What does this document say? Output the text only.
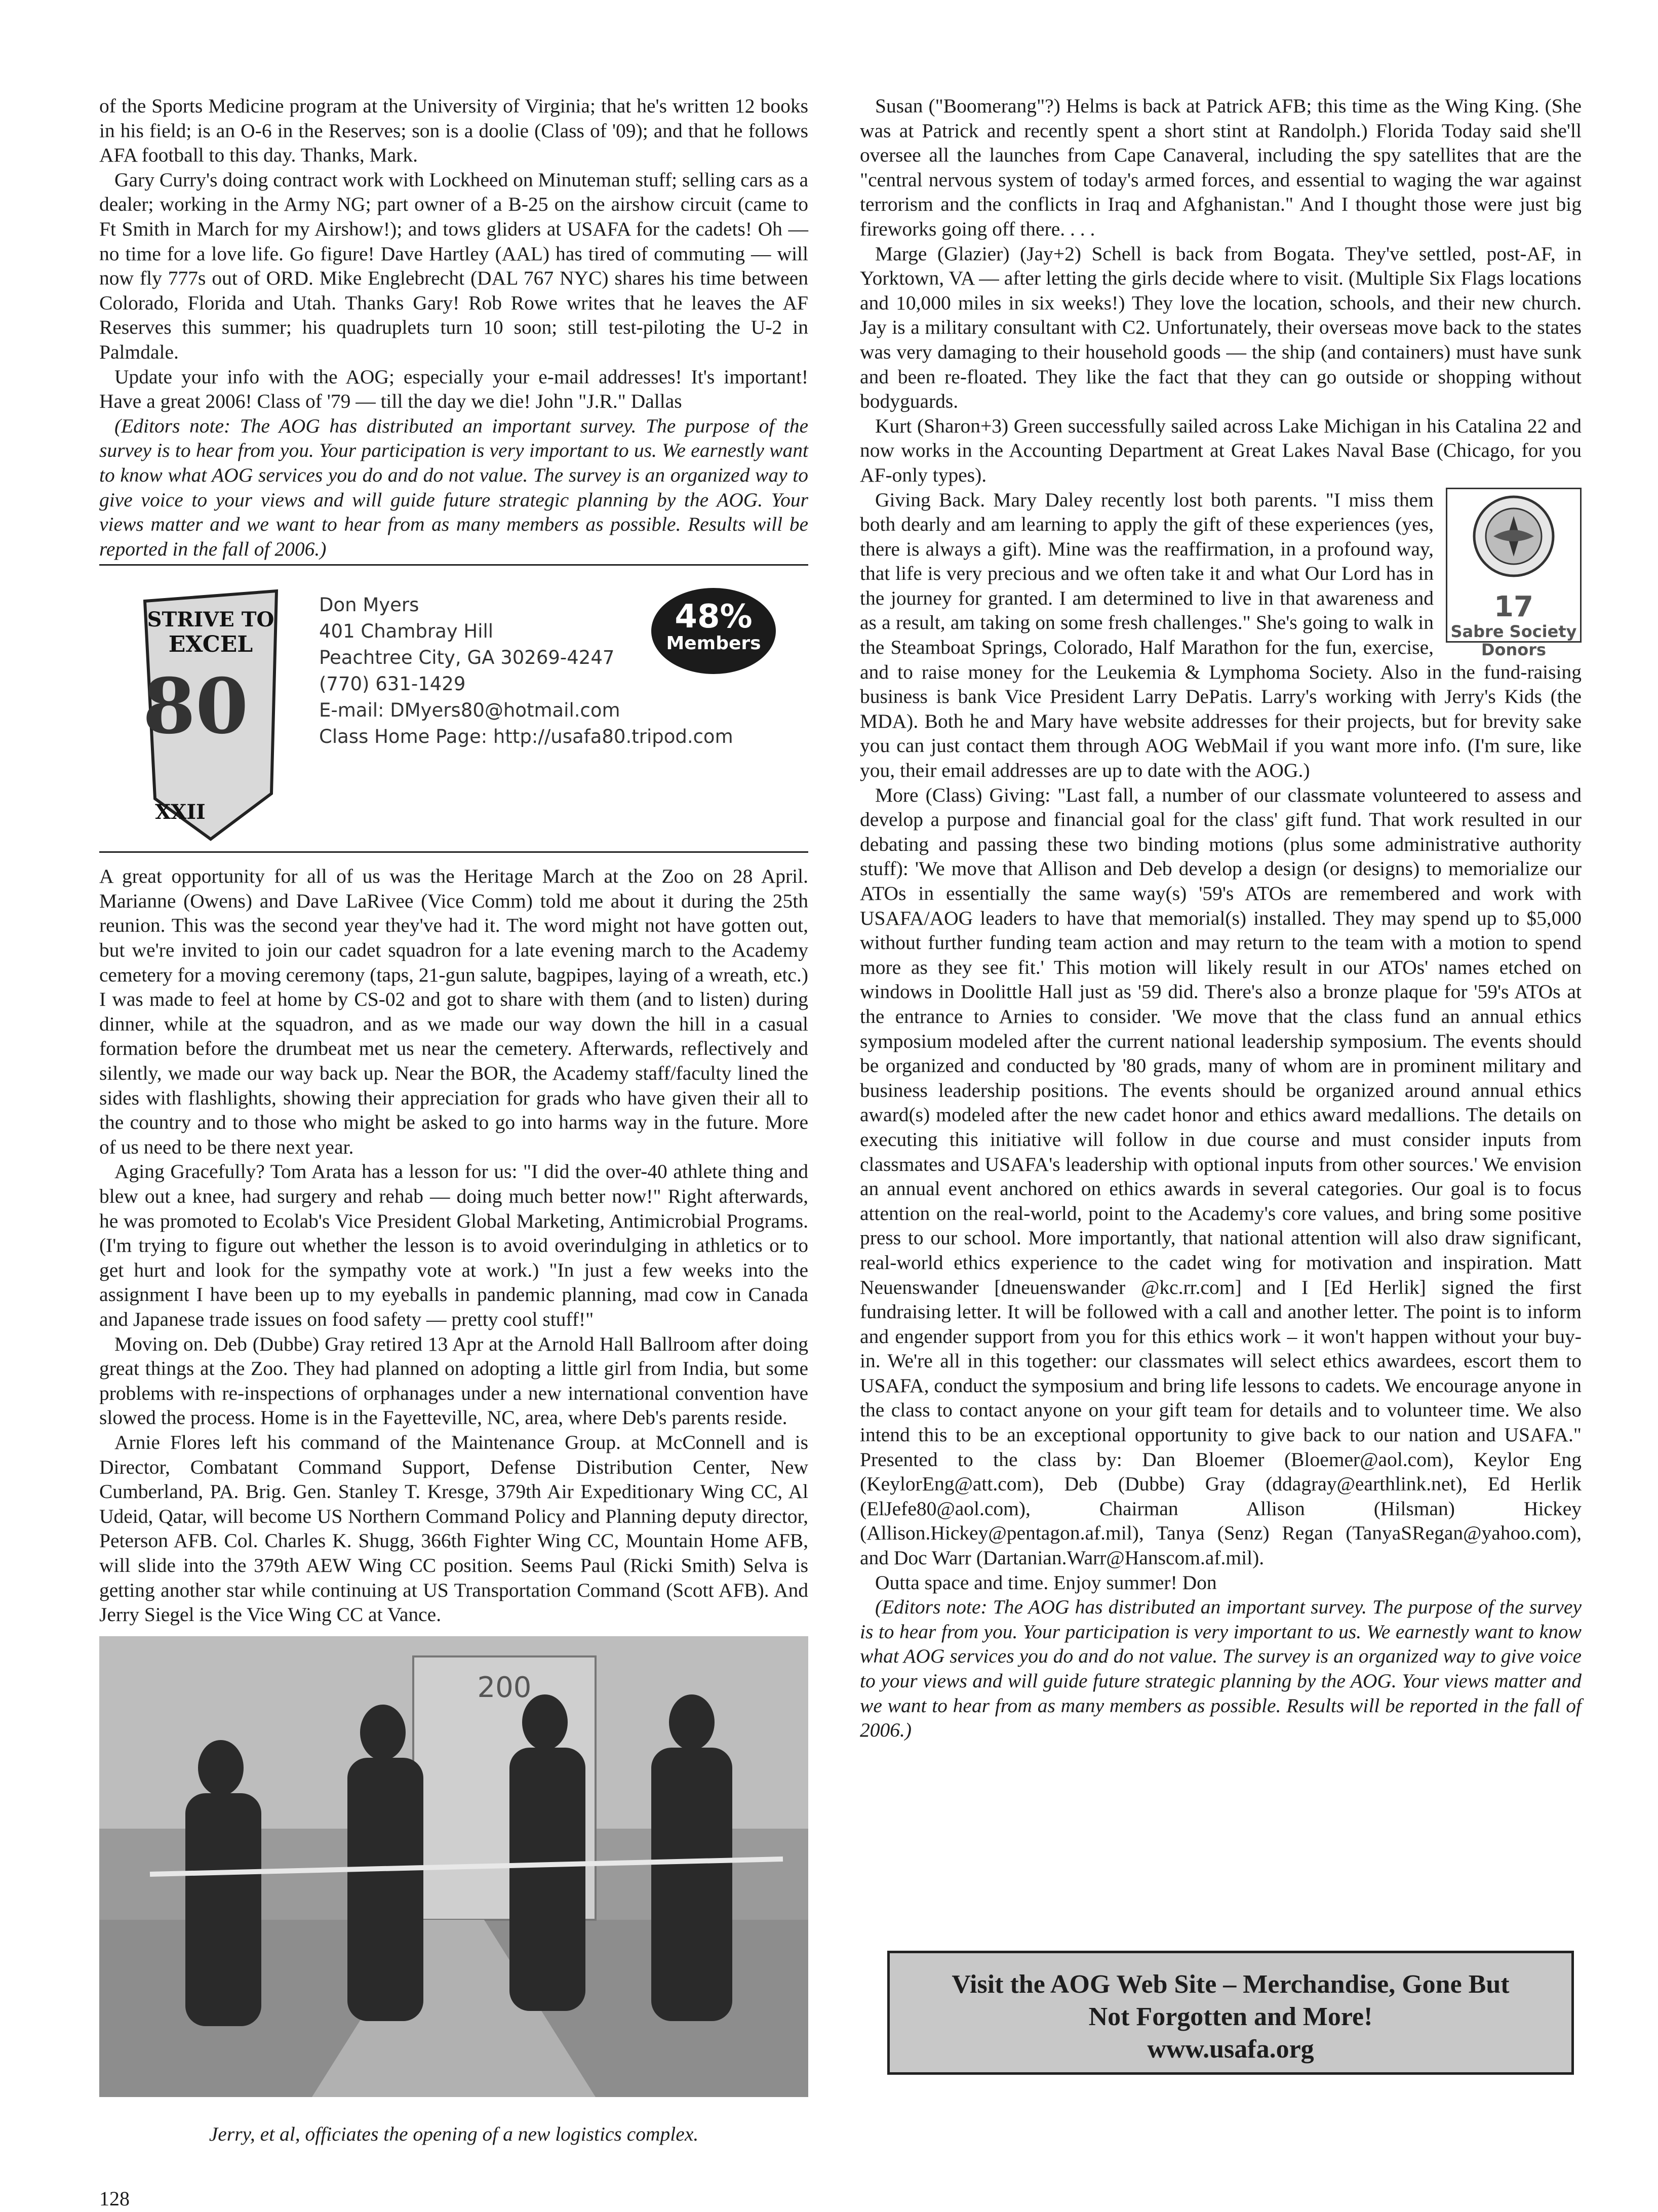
of the Sports Medicine program at the University of Virginia; that he's written 12 books in his field; is an O-6 in the Reserves; son is a doolie (Class of '09); and that he follows AFA football to this day. Thanks, Mark.

Gary Curry's doing contract work with Lockheed on Minuteman stuff; selling cars as a dealer; working in the Army NG; part owner of a B-25 on the airshow circuit (came to Ft Smith in March for my Airshow!); and tows gliders at USAFA for the cadets! Oh — no time for a love life. Go figure! Dave Hartley (AAL) has tired of commuting — will now fly 777s out of ORD. Mike Englebrecht (DAL 767 NYC) shares his time between Colorado, Florida and Utah. Thanks Gary! Rob Rowe writes that he leaves the AF Reserves this summer; his quadruplets turn 10 soon; still test-piloting the U-2 in Palmdale.

Update your info with the AOG; especially your e-mail addresses! It's important! Have a great 2006! Class of '79 — till the day we die! John "J.R." Dallas

(Editors note: The AOG has distributed an important survey. The purpose of the survey is to hear from you. Your participation is very important to us. We earnestly want to know what AOG services you do and do not value. The survey is an organized way to give voice to your views and will guide future strategic planning by the AOG. Your views matter and we want to hear from as many members as possible. Results will be reported in the fall of 2006.)

STRIVE TO
EXCEL
80
XXII
Don Myers
401 Chambray Hill
Peachtree City, GA 30269-4247
(770) 631-1429
E-mail: DMyers80@hotmail.com
Class Home Page: http://usafa80.tripod.com
48%
Members

A great opportunity for all of us was the Heritage March at the Zoo on 28 April. Marianne (Owens) and Dave LaRivee (Vice Comm) told me about it during the 25th reunion. This was the second year they've had it. The word might not have gotten out, but we're invited to join our cadet squadron for a late evening march to the Academy cemetery for a moving ceremony (taps, 21-gun salute, bagpipes, laying of a wreath, etc.) I was made to feel at home by CS-02 and got to share with them (and to listen) during dinner, while at the squadron, and as we made our way down the hill in a casual formation before the drumbeat met us near the cemetery. Afterwards, reflectively and silently, we made our way back up. Near the BOR, the Academy staff/faculty lined the sides with flashlights, showing their appreciation for grads who have given their all to the country and to those who might be asked to go into harms way in the future. More of us need to be there next year.

Aging Gracefully? Tom Arata has a lesson for us: "I did the over-40 athlete thing and blew out a knee, had surgery and rehab — doing much better now!" Right afterwards, he was promoted to Ecolab's Vice President Global Marketing, Antimicrobial Programs. (I'm trying to figure out whether the lesson is to avoid overindulging in athletics or to get hurt and look for the sympathy vote at work.) "In just a few weeks into the assignment I have been up to my eyeballs in pandemic planning, mad cow in Canada and Japanese trade issues on food safety — pretty cool stuff!"

Moving on. Deb (Dubbe) Gray retired 13 Apr at the Arnold Hall Ballroom after doing great things at the Zoo. They had planned on adopting a little girl from India, but some problems with re-inspections of orphanages under a new international convention have slowed the process. Home is in the Fayetteville, NC, area, where Deb's parents reside.

Arnie Flores left his command of the Maintenance Group. at McConnell and is Director, Combatant Command Support, Defense Distribution Center, New Cumberland, PA. Brig. Gen. Stanley T. Kresge, 379th Air Expeditionary Wing CC, Al Udeid, Qatar, will become US Northern Command Policy and Planning deputy director, Peterson AFB. Col. Charles K. Shugg, 366th Fighter Wing CC, Mountain Home AFB, will slide into the 379th AEW Wing CC position. Seems Paul (Ricki Smith) Selva is getting another star while continuing at US Transportation Command (Scott AFB). And Jerry Siegel is the Vice Wing CC at Vance.

200
Jerry, et al, officiates the opening of a new logistics complex.

Susan ("Boomerang"?) Helms is back at Patrick AFB; this time as the Wing King. (She was at Patrick and recently spent a short stint at Randolph.) Florida Today said she'll oversee all the launches from Cape Canaveral, including the spy satellites that are the "central nervous system of today's armed forces, and essential to waging the war against terrorism and the conflicts in Iraq and Afghanistan." And I thought those were just big fireworks going off there. . . .

Marge (Glazier) (Jay+2) Schell is back from Bogata. They've settled, post-AF, in Yorktown, VA — after letting the girls decide where to visit. (Multiple Six Flags locations and 10,000 miles in six weeks!) They love the location, schools, and their new church. Jay is a military consultant with C2. Unfortunately, their overseas move back to the states was very damaging to their household goods — the ship (and containers) must have sunk and been re-floated. They like the fact that they can go outside or shopping without bodyguards.

Kurt (Sharon+3) Green successfully sailed across Lake Michigan in his Catalina 22 and now works in the Accounting Department at Great Lakes Naval Base (Chicago, for you AF-only types).

17
Sabre Society
Donors

Giving Back. Mary Daley recently lost both parents. "I miss them both dearly and am learning to apply the gift of these experiences (yes, there is always a gift). Mine was the reaffirmation, in a profound way, that life is very precious and we often take it and what Our Lord has in the journey for granted. I am determined to live in that awareness and as a result, am taking on some fresh challenges." She's going to walk in the Steamboat Springs, Colorado, Half Marathon for the fun, exercise, and to raise money for the Leukemia & Lymphoma Society. Also in the fund-raising business is bank Vice President Larry DePatis. Larry's working with Jerry's Kids (the MDA). Both he and Mary have website addresses for their projects, but for brevity sake you can just contact them through AOG WebMail if you want more info. (I'm sure, like you, their email addresses are up to date with the AOG.)

More (Class) Giving: "Last fall, a number of our classmate volunteered to assess and develop a purpose and financial goal for the class' gift fund. That work resulted in our debating and passing these two binding motions (plus some administrative authority stuff): 'We move that Allison and Deb develop a design (or designs) to memorialize our ATOs in essentially the same way(s) '59's ATOs are remembered and work with USAFA/AOG leaders to have that memorial(s) installed. They may spend up to $5,000 without further funding team action and may return to the team with a motion to spend more as they see fit.' This motion will likely result in our ATOs' names etched on windows in Doolittle Hall just as '59 did. There's also a bronze plaque for '59's ATOs at the entrance to Arnies to consider. 'We move that the class fund an annual ethics symposium modeled after the current national leadership symposium. The events should be organized and conducted by '80 grads, many of whom are in prominent military and business leadership positions. The events should be organized around annual ethics award(s) modeled after the new cadet honor and ethics award medallions. The details on executing this initiative will follow in due course and must consider inputs from classmates and USAFA's leadership with optional inputs from other sources.' We envision an annual event anchored on ethics awards in several categories. Our goal is to focus attention on the real-world, point to the Academy's core values, and bring some positive press to our school. More importantly, that national attention will also draw significant, real-world ethics experience to the cadet wing for motivation and inspiration. Matt Neuenswander [dneuenswander @kc.rr.com] and I [Ed Herlik] signed the first fundraising letter. It will be followed with a call and another letter. The point is to inform and engender support from you for this ethics work – it won't happen without your buy-in. We're all in this together: our classmates will select ethics awardees, escort them to USAFA, conduct the symposium and bring life lessons to cadets. We encourage anyone in the class to contact anyone on your gift team for details and to volunteer time. We also intend this to be an exceptional opportunity to give back to our nation and USAFA." Presented to the class by: Dan Bloemer (Bloemer@aol.com), Keylor Eng (KeylorEng@att.com), Deb (Dubbe) Gray (ddagray@earthlink.net), Ed Herlik (ElJefe80@aol.com), Chairman Allison (Hilsman) Hickey (Allison.Hickey@pentagon.af.mil), Tanya (Senz) Regan (TanyaSRegan@yahoo.com), and Doc Warr (Dartanian.Warr@Hanscom.af.mil).

Outta space and time. Enjoy summer! Don

(Editors note: The AOG has distributed an important survey. The purpose of the survey is to hear from you. Your participation is very important to us. We earnestly want to know what AOG services you do and do not value. The survey is an organized way to give voice to your views and will guide future strategic planning by the AOG. Your views matter and we want to hear from as many members as possible. Results will be reported in the fall of 2006.)

Visit the AOG Web Site – Merchandise, Gone But
Not Forgotten and More!
www.usafa.org
128
